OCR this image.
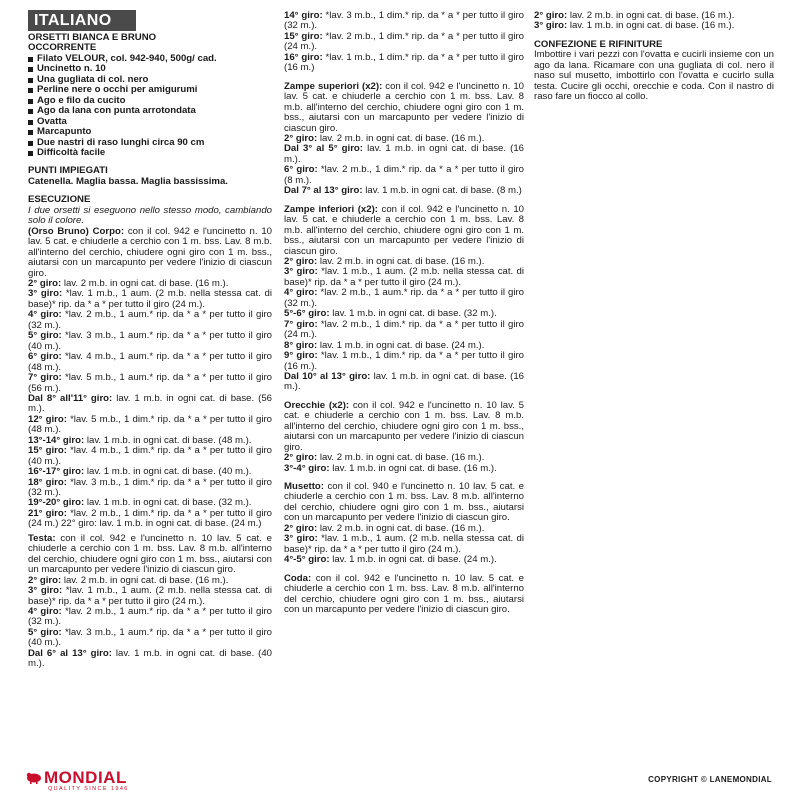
ITALIANO
ORSETTI BIANCA E BRUNO
OCCORRENTE
Filato VELOUR, col. 942-940, 500g/ cad.
Uncinetto n. 10
Una gugliata di col. nero
Perline nere o occhi per amigurumi
Ago e filo da cucito
Ago da lana con punta arrotondata
Ovatta
Marcapunto
Due nastri di raso lunghi circa 90 cm
Difficoltà facile
PUNTI IMPIEGATI

Catenella. Maglia bassa. Maglia bassissima.

ESECUZIONE

I due orsetti si eseguono nello stesso modo, cambiando solo il colore.

(Orso Bruno) Corpo: con il col. 942 e l'uncinetto n. 10 lav. 5 cat. e chiuderle a cerchio con 1 m. bss. Lav. 8 m.b. all'interno del cerchio, chiudere ogni giro con 1 m. bss., aiutarsi con un marcapunto per vedere l'inizio di ciascun giro.

2° giro: lav. 2 m.b. in ogni cat. di base. (16 m.).

3° giro: *lav. 1 m.b., 1 aum. (2 m.b. nella stessa cat. di base)* rip. da * a * per tutto il giro (24 m.).

4° giro: *lav. 2 m.b., 1 aum.* rip. da * a * per tutto il giro (32 m.).

5° giro: *lav. 3 m.b., 1 aum.* rip. da * a * per tutto il giro (40 m.).

6° giro: *lav. 4 m.b., 1 aum.* rip. da * a * per tutto il giro (48 m.).

7° giro: *lav. 5 m.b., 1 aum.* rip. da * a * per tutto il giro (56 m.).

Dal 8° all'11° giro: lav. 1 m.b. in ogni cat. di base. (56 m.).

12° giro: *lav. 5 m.b., 1 dim.* rip. da * a * per tutto il giro (48 m.).

13°-14° giro: lav. 1 m.b. in ogni cat. di base. (48 m.).

15° giro: *lav. 4 m.b., 1 dim.* rip. da * a * per tutto il giro (40 m.).

16°-17° giro: lav. 1 m.b. in ogni cat. di base. (40 m.).

18° giro: *lav. 3 m.b., 1 dim.* rip. da * a * per tutto il giro (32 m.).

19°-20° giro: lav. 1 m.b. in ogni cat. di base. (32 m.).

21° giro: *lav. 2 m.b., 1 dim.* rip. da * a * per tutto il giro (24 m.) 22° giro: lav. 1 m.b. in ogni cat. di base. (24 m.)

Testa: con il col. 942 e l'uncinetto n. 10 lav. 5 cat. e chiuderle a cerchio con 1 m. bss. Lav. 8 m.b. all'interno del cerchio, chiudere ogni giro con 1 m. bss., aiutarsi con un marcapunto per vedere l'inizio di ciascun giro.

2° giro: lav. 2 m.b. in ogni cat. di base. (16 m.).

3° giro: *lav. 1 m.b., 1 aum. (2 m.b. nella stessa cat. di base)* rip. da * a * per tutto il giro (24 m.).

4° giro: *lav. 2 m.b., 1 aum.* rip. da * a * per tutto il giro (32 m.).

5° giro: *lav. 3 m.b., 1 aum.* rip. da * a * per tutto il giro (40 m.).

Dal 6° al 13° giro: lav. 1 m.b. in ogni cat. di base. (40 m.).

14° giro: *lav. 3 m.b., 1 dim.* rip. da * a * per tutto il giro (32 m.).

15° giro: *lav. 2 m.b., 1 dim.* rip. da * a * per tutto il giro (24 m.).

16° giro: *lav. 1 m.b., 1 dim.* rip. da * a * per tutto il giro (16 m.)

Zampe superiori (x2): con il col. 942 e l'uncinetto n. 10 lav. 5 cat. e chiuderle a cerchio con 1 m. bss. Lav. 8 m.b. all'interno del cerchio, chiudere ogni giro con 1 m. bss., aiutarsi con un marcapunto per vedere l'inizio di ciascun giro.

2° giro: lav. 2 m.b. in ogni cat. di base. (16 m.).

Dal 3° al 5° giro: lav. 1 m.b. in ogni cat. di base. (16 m.).

6° giro: *lav. 2 m.b., 1 dim.* rip. da * a * per tutto il giro (8 m.).

Dal 7° al 13° giro: lav. 1 m.b. in ogni cat. di base. (8 m.)

Zampe inferiori (x2): con il col. 942 e l'uncinetto n. 10 lav. 5 cat. e chiuderle a cerchio con 1 m. bss. Lav. 8 m.b. all'interno del cerchio, chiudere ogni giro con 1 m. bss., aiutarsi con un marcapunto per vedere l'inizio di ciascun giro.

2° giro: lav. 2 m.b. in ogni cat. di base. (16 m.).

3° giro: *lav. 1 m.b., 1 aum. (2 m.b. nella stessa cat. di base)* rip. da * a * per tutto il giro (24 m.).

4° giro: *lav. 2 m.b., 1 aum.* rip. da * a * per tutto il giro (32 m.).

5°-6° giro: lav. 1 m.b. in ogni cat. di base. (32 m.).

7° giro: *lav. 2 m.b., 1 dim.* rip. da * a * per tutto il giro (24 m.).

8° giro: lav. 1 m.b. in ogni cat. di base. (24 m.).

9° giro: *lav. 1 m.b., 1 dim.* rip. da * a * per tutto il giro (16 m.).

Dal 10° al 13° giro: lav. 1 m.b. in ogni cat. di base. (16 m.).

Orecchie (x2): con il col. 942 e l'uncinetto n. 10 lav. 5 cat. e chiuderle a cerchio con 1 m. bss. Lav. 8 m.b. all'interno del cerchio, chiudere ogni giro con 1 m. bss., aiutarsi con un marcapunto per vedere l'inizio di ciascun giro.

2° giro: lav. 2 m.b. in ogni cat. di base. (16 m.).

3°-4° giro: lav. 1 m.b. in ogni cat. di base. (16 m.).

Musetto: con il col. 940 e l'uncinetto n. 10 lav. 5 cat. e chiuderle a cerchio con 1 m. bss. Lav. 8 m.b. all'interno del cerchio, chiudere ogni giro con 1 m. bss., aiutarsi con un marcapunto per vedere l'inizio di ciascun giro.

2° giro: lav. 2 m.b. in ogni cat. di base. (16 m.).

3° giro: *lav. 1 m.b., 1 aum. (2 m.b. nella stessa cat. di base)* rip. da * a * per tutto il giro (24 m.).

4°-5° giro: lav. 1 m.b. in ogni cat. di base. (24 m.).

Coda: con il col. 942 e l'uncinetto n. 10 lav. 5 cat. e chiuderle a cerchio con 1 m. bss. Lav. 8 m.b. all'interno del cerchio, chiudere ogni giro con 1 m. bss., aiutarsi con un marcapunto per vedere l'inizio di ciascun giro.

2° giro: lav. 2 m.b. in ogni cat. di base. (16 m.).

3° giro: lav. 1 m.b. in ogni cat. di base. (16 m.).

CONFEZIONE E RIFINITURE

Imbottire i vari pezzi con l'ovatta e cucirli insieme con un ago da lana. Ricamare con una gugliata di col. nero il naso sul musetto, imbottirlo con l'ovatta e cucirlo sulla testa. Cucire gli occhi, orecchie e coda. Con il nastro di raso fare un fiocco al collo.

MONDIAL
QUALITY SINCE 1946
COPYRIGHT © LANEMONDIAL
